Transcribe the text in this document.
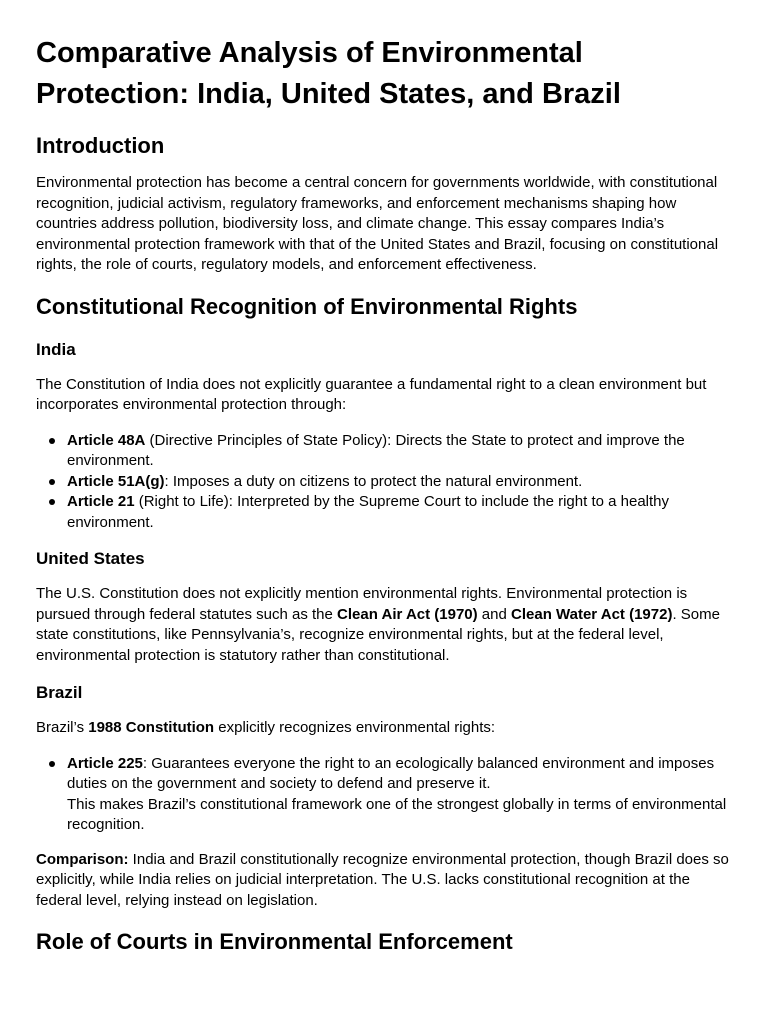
Comparative Analysis of Environmental Protection: India, United States, and Brazil
Introduction

Environmental protection has become a central concern for governments worldwide, with constitutional recognition, judicial activism, regulatory frameworks, and enforcement mechanisms shaping how countries address pollution, biodiversity loss, and climate change. This essay compares India’s environmental protection framework with that of the United States and Brazil, focusing on constitutional rights, the role of courts, regulatory models, and enforcement effectiveness.

Constitutional Recognition of Environmental Rights
India

The Constitution of India does not explicitly guarantee a fundamental right to a clean environment but incorporates environmental protection through:

Article 48A (Directive Principles of State Policy): Directs the State to protect and improve the environment.
Article 51A(g): Imposes a duty on citizens to protect the natural environment.
Article 21 (Right to Life): Interpreted by the Supreme Court to include the right to a healthy environment.
United States

The U.S. Constitution does not explicitly mention environmental rights. Environmental protection is pursued through federal statutes such as the Clean Air Act (1970) and Clean Water Act (1972). Some state constitutions, like Pennsylvania’s, recognize environmental rights, but at the federal level, environmental protection is statutory rather than constitutional.

Brazil

Brazil’s 1988 Constitution explicitly recognizes environmental rights:

Article 225: Guarantees everyone the right to an ecologically balanced environment and imposes duties on the government and society to defend and preserve it.
This makes Brazil’s constitutional framework one of the strongest globally in terms of environmental recognition.

Comparison: India and Brazil constitutionally recognize environmental protection, though Brazil does so explicitly, while India relies on judicial interpretation. The U.S. lacks constitutional recognition at the federal level, relying instead on legislation.

Role of Courts in Environmental Enforcement
